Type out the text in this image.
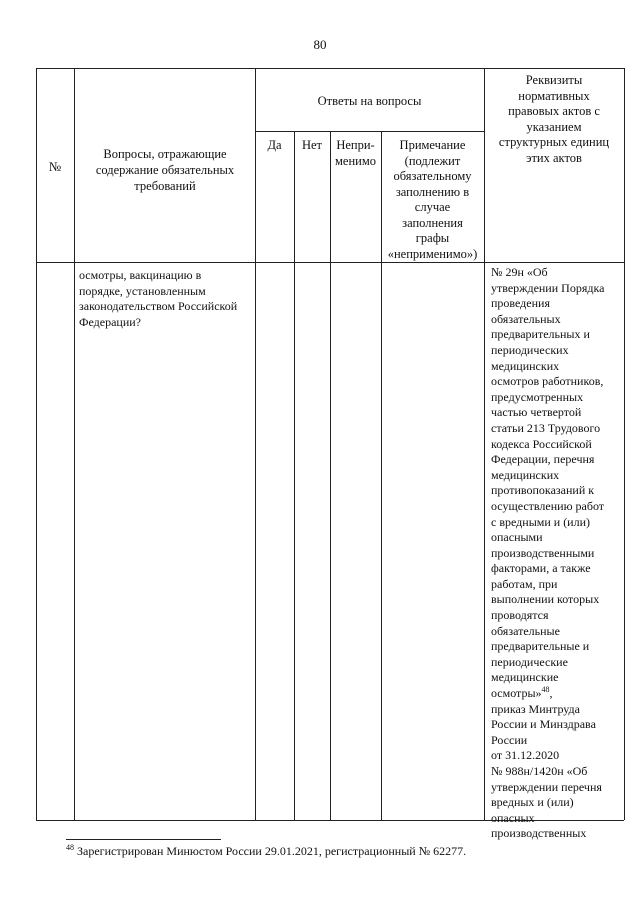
80
№
Вопросы, отражающие содержание обязательных требований
Ответы на вопросы
Да	Нет	Непри-
менимо
Примечание
(подлежит
обязательному
заполнению в
случае
заполнения
графы
«неприменимо»)
Реквизиты
нормативных
правовых актов с
указанием
структурных единиц
этих актов
осмотры, вакцинацию в
порядке, установленным
законодательством Российской
Федерации?

№ 29н «Об
утверждении Порядка
проведения
обязательных
предварительных и
периодических
медицинских
осмотров работников,
предусмотренных
частью четвертой
статьи 213 Трудового
кодекса Российской
Федерации, перечня
медицинских
противопоказаний к
осуществлению работ
с вредными и (или)
опасными
производственными
факторами, а также
работам, при
выполнении которых
проводятся
обязательные
предварительные и
периодические
медицинские
осмотры»$^{48}$,

приказ Минтруда
России и Минздрава
России
от 31.12.2020
№ 988н/1420н «Об
утверждении перечня
вредных и (или)
опасных
производственных

$^{48}$ Зарегистрирован Минюстом России 29.01.2021, регистрационный № 62277.
